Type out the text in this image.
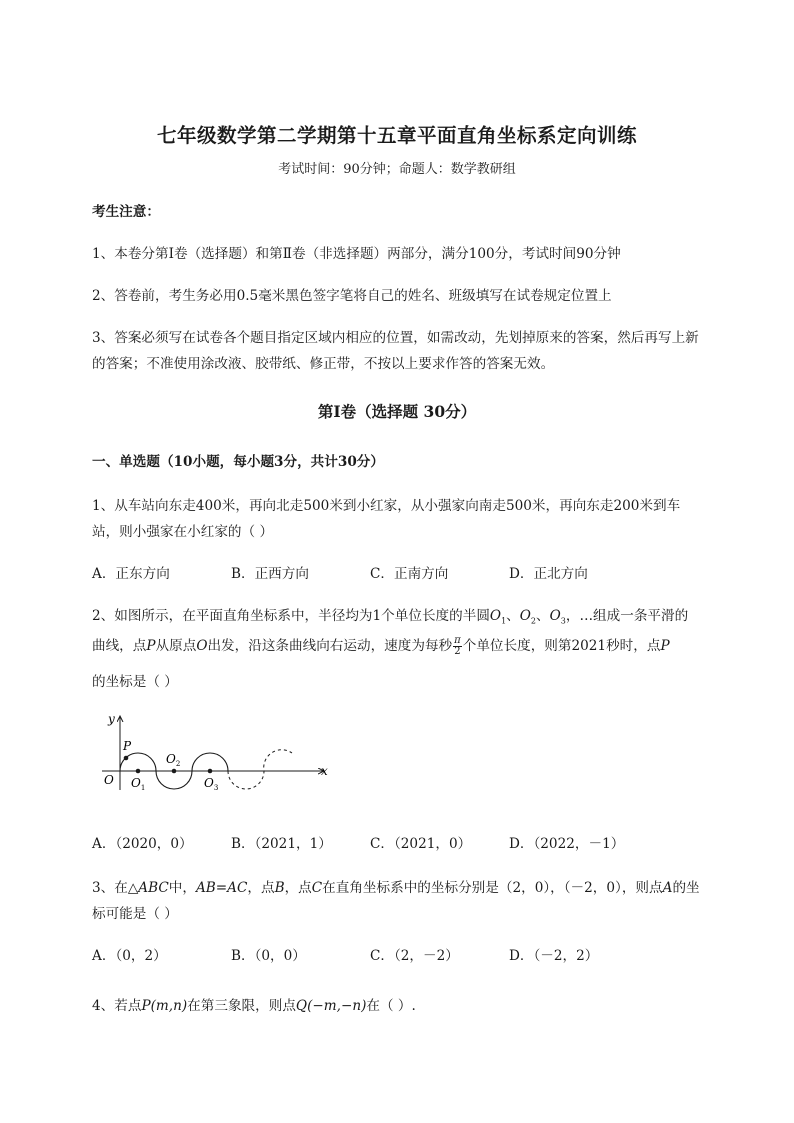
七年级数学第二学期第十五章平面直角坐标系定向训练
考试时间：90分钟；命题人：数学教研组
考生注意：
1、本卷分第I卷（选择题）和第Ⅱ卷（非选择题）两部分，满分100分，考试时间90分钟
2、答卷前，考生务必用0.5毫米黑色签字笔将自己的姓名、班级填写在试卷规定位置上
3、答案必须写在试卷各个题目指定区域内相应的位置，如需改动，先划掉原来的答案，然后再写上新
的答案；不准使用涂改液、胶带纸、修正带，不按以上要求作答的答案无效。
第I卷（选择题 30分）
一、单选题（10小题，每小题3分，共计30分）
1、从车站向东走400米，再向北走500米到小红家，从小强家向南走500米，再向东走200米到车
站，则小强家在小红家的（ ）
A．正东方向	B．正西方向	C．正南方向	D．正北方向
2、如图所示，在平面直角坐标系中，半径均为1个单位长度的半圆$O_1$、$O_2$、$O_3$，…组成一条平滑的
曲线，点P从原点O出发，沿这条曲线向右运动，速度为每秒 $\frac{\pi}{2}$ 个单位长度，则第2021秒时，点P
的坐标是（ ）
y
x
O
P
$O_1$
$O_2$
$O_3$
A．（2020，0）	B．（2021，1）	C．（2021，0）	D．（2022，－1）
3、在△ABC中，AB=AC，点B，点C在直角坐标系中的坐标分别是（2，0），（－2，0），则点A的坐
标可能是（ ）
A．（0，2）	B．（0，0）	C．（2，－2）	D．（－2，2）
4、若点P(m,n)在第三象限，则点Q(−m,−n)在（ ）.
